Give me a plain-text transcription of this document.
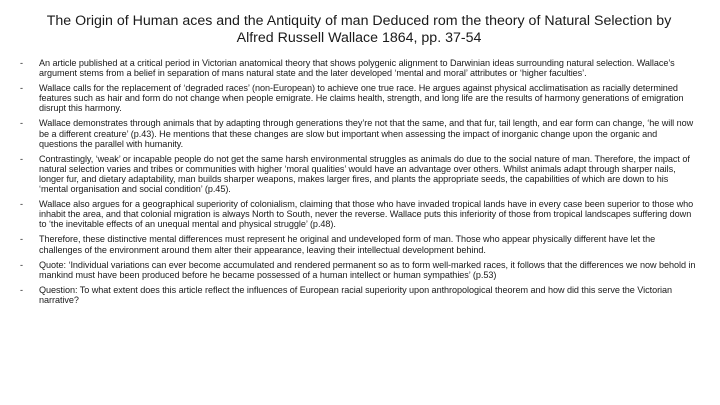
The Origin of Human aces and the Antiquity of man Deduced rom the theory of Natural Selection by Alfred Russell Wallace 1864, pp. 37-54
- An article published at a critical period in Victorian anatomical theory that shows polygenic alignment to Darwinian ideas surrounding natural selection. Wallace’s argument stems from a belief in separation of mans natural state and the later developed ‘mental and moral’ attributes or ‘higher faculties’.
- Wallace calls for the replacement of ‘degraded races’ (non-European) to achieve one true race. He argues against physical acclimatisation as racially determined features such as hair and form do not change when people emigrate. He claims health, strength, and long life are the results of harmony generations of emigration disrupt this harmony.
- Wallace demonstrates through animals that by adapting through generations they’re not that the same, and that fur, tail length, and ear form can change, ‘he will now be a different creature’ (p.43). He mentions that these changes are slow but important when assessing the impact of inorganic change upon the organic and questions the parallel with humanity.
- Contrastingly, ‘weak’ or incapable people do not get the same harsh environmental struggles as animals do due to the social nature of man. Therefore, the impact of natural selection varies and tribes or communities with higher ‘moral qualities’ would have an advantage over others. Whilst animals adapt through sharper nails, longer fur, and dietary adaptability, man builds sharper weapons, makes larger fires, and plants the appropriate seeds, the capabilities of which are down to his ‘mental organisation and social condition’ (p.45).
- Wallace also argues for a geographical superiority of colonialism, claiming that those who have invaded tropical lands have in every case been superior to those who inhabit the area, and that colonial migration is always North to South, never the reverse. Wallace puts this inferiority of those from tropical landscapes suffering down to ‘the inevitable effects of an unequal mental and physical struggle’ (p.48).
- Therefore, these distinctive mental differences must represent he original and undeveloped form of man. Those who appear physically different have let the challenges of the environment around them alter their appearance, leaving their intellectual development behind.
- Quote: ‘Individual variations can ever become accumulated and rendered permanent so as to form well-marked races, it follows that the differences we now behold in mankind must have been produced before he became possessed of a human intellect or human sympathies’ (p.53)
- Question: To what extent does this article reflect the influences of European racial superiority upon anthropological theorem and how did this serve the Victorian narrative?
